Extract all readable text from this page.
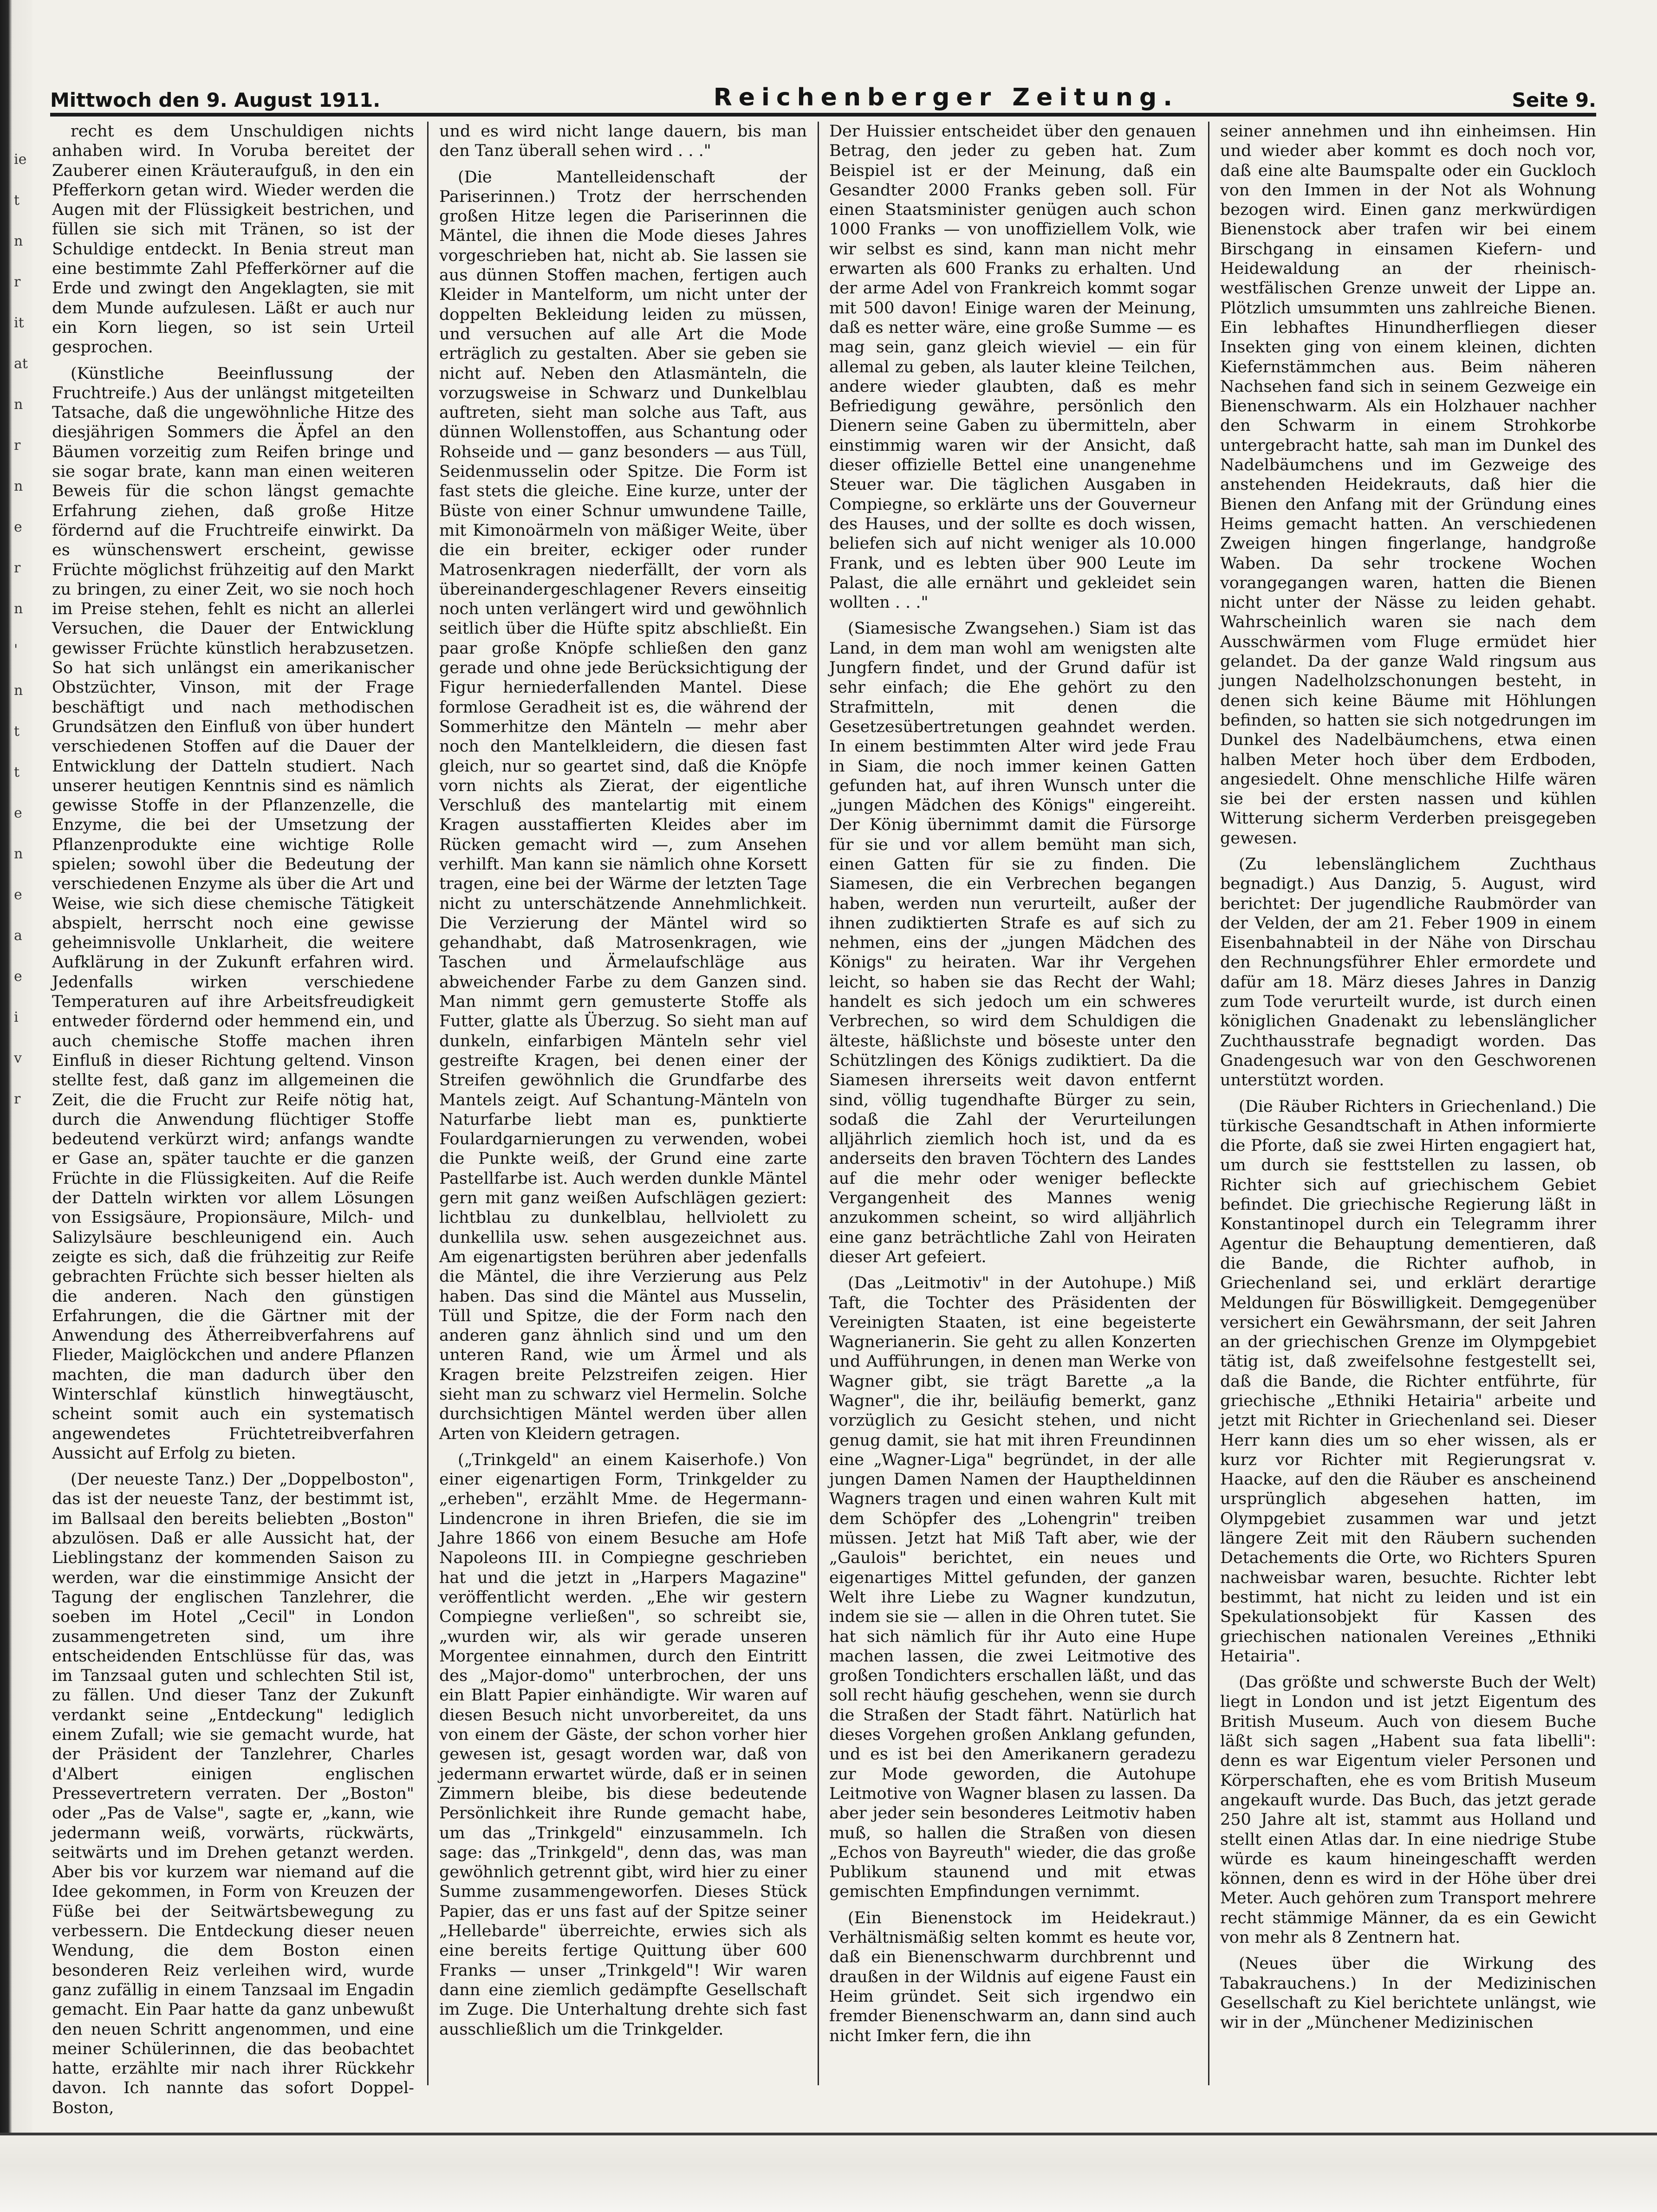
ie
t
n
r
it
at
n
r
n
e
r
n
'
n
t
t
e
n
e
a
e
i
v
r
Mittwoch den 9. August 1911.	Reichenberger Zeitung.	Seite 9.

recht es dem Unschuldigen nichts anhaben wird. In Voruba bereitet der Zauberer einen Kräuteraufguß, in den ein Pfefferkorn getan wird. Wieder werden die Augen mit der Flüssigkeit bestrichen, und füllen sie sich mit Tränen, so ist der Schuldige entdeckt. In Benia streut man eine bestimmte Zahl Pfefferkörner auf die Erde und zwingt den Angeklagten, sie mit dem Munde aufzulesen. Läßt er auch nur ein Korn liegen, so ist sein Urteil gesprochen.

(Künstliche Beeinflussung der Fruchtreife.) Aus der unlängst mitgeteilten Tatsache, daß die ungewöhnliche Hitze des diesjährigen Sommers die Äpfel an den Bäumen vorzeitig zum Reifen bringe und sie sogar brate, kann man einen weiteren Beweis für die schon längst gemachte Erfahrung ziehen, daß große Hitze fördernd auf die Fruchtreife einwirkt. Da es wünschenswert erscheint, gewisse Früchte möglichst frühzeitig auf den Markt zu bringen, zu einer Zeit, wo sie noch hoch im Preise stehen, fehlt es nicht an allerlei Versuchen, die Dauer der Entwicklung gewisser Früchte künstlich herabzusetzen. So hat sich unlängst ein amerikanischer Obstzüchter, Vinson, mit der Frage beschäftigt und nach methodischen Grundsätzen den Einfluß von über hundert verschiedenen Stoffen auf die Dauer der Entwicklung der Datteln studiert. Nach unserer heutigen Kenntnis sind es nämlich gewisse Stoffe in der Pflanzenzelle, die Enzyme, die bei der Umsetzung der Pflanzenprodukte eine wichtige Rolle spielen; sowohl über die Bedeutung der verschiedenen Enzyme als über die Art und Weise, wie sich diese chemische Tätigkeit abspielt, herrscht noch eine gewisse geheimnisvolle Unklarheit, die weitere Aufklärung in der Zukunft erfahren wird. Jedenfalls wirken verschiedene Temperaturen auf ihre Arbeitsfreudigkeit entweder fördernd oder hemmend ein, und auch chemische Stoffe machen ihren Einfluß in dieser Richtung geltend. Vinson stellte fest, daß ganz im allgemeinen die Zeit, die die Frucht zur Reife nötig hat, durch die Anwendung flüchtiger Stoffe bedeutend verkürzt wird; anfangs wandte er Gase an, später tauchte er die ganzen Früchte in die Flüssigkeiten. Auf die Reife der Datteln wirkten vor allem Lösungen von Essigsäure, Propionsäure, Milch- und Salizylsäure beschleunigend ein. Auch zeigte es sich, daß die frühzeitig zur Reife gebrachten Früchte sich besser hielten als die anderen. Nach den günstigen Erfahrungen, die die Gärtner mit der Anwendung des Ätherreibverfahrens auf Flieder, Maiglöckchen und andere Pflanzen machten, die man dadurch über den Winterschlaf künstlich hinwegtäuscht, scheint somit auch ein systematisch angewendetes Früchtetreibverfahren Aussicht auf Erfolg zu bieten.

(Der neueste Tanz.) Der „Doppelboston", das ist der neueste Tanz, der bestimmt ist, im Ballsaal den bereits beliebten „Boston" abzulösen. Daß er alle Aussicht hat, der Lieblingstanz der kommenden Saison zu werden, war die einstimmige Ansicht der Tagung der englischen Tanzlehrer, die soeben im Hotel „Cecil" in London zusammengetreten sind, um ihre entscheidenden Entschlüsse für das, was im Tanzsaal guten und schlechten Stil ist, zu fällen. Und dieser Tanz der Zukunft verdankt seine „Entdeckung" lediglich einem Zufall; wie sie gemacht wurde, hat der Präsident der Tanzlehrer, Charles d'Albert einigen englischen Pressevertretern verraten. Der „Boston" oder „Pas de Valse", sagte er, „kann, wie jedermann weiß, vorwärts, rückwärts, seitwärts und im Drehen getanzt werden. Aber bis vor kurzem war niemand auf die Idee gekommen, in Form von Kreuzen der Füße bei der Seitwärtsbewegung zu verbessern. Die Entdeckung dieser neuen Wendung, die dem Boston einen besonderen Reiz verleihen wird, wurde ganz zufällig in einem Tanzsaal im Engadin gemacht. Ein Paar hatte da ganz unbewußt den neuen Schritt angenommen, und eine meiner Schülerinnen, die das beobachtet hatte, erzählte mir nach ihrer Rückkehr davon. Ich nannte das sofort Doppel-Boston,

und es wird nicht lange dauern, bis man den Tanz überall sehen wird . . ."

(Die Mantelleidenschaft der Pariserinnen.) Trotz der herrschenden großen Hitze legen die Pariserinnen die Mäntel, die ihnen die Mode dieses Jahres vorgeschrieben hat, nicht ab. Sie lassen sie aus dünnen Stoffen machen, fertigen auch Kleider in Mantelform, um nicht unter der doppelten Bekleidung leiden zu müssen, und versuchen auf alle Art die Mode erträglich zu gestalten. Aber sie geben sie nicht auf. Neben den Atlasmänteln, die vorzugsweise in Schwarz und Dunkelblau auftreten, sieht man solche aus Taft, aus dünnen Wollenstoffen, aus Schantung oder Rohseide und — ganz besonders — aus Tüll, Seidenmusselin oder Spitze. Die Form ist fast stets die gleiche. Eine kurze, unter der Büste von einer Schnur umwundene Taille, mit Kimonoärmeln von mäßiger Weite, über die ein breiter, eckiger oder runder Matrosenkragen niederfällt, der vorn als übereinandergeschlagener Revers einseitig noch unten verlängert wird und gewöhnlich seitlich über die Hüfte spitz abschließt. Ein paar große Knöpfe schließen den ganz gerade und ohne jede Berücksichtigung der Figur herniederfallenden Mantel. Diese formlose Geradheit ist es, die während der Sommerhitze den Mänteln — mehr aber noch den Mantelkleidern, die diesen fast gleich, nur so geartet sind, daß die Knöpfe vorn nichts als Zierat, der eigentliche Verschluß des mantelartig mit einem Kragen ausstaffierten Kleides aber im Rücken gemacht wird —, zum Ansehen verhilft. Man kann sie nämlich ohne Korsett tragen, eine bei der Wärme der letzten Tage nicht zu unterschätzende Annehmlichkeit. Die Verzierung der Mäntel wird so gehandhabt, daß Matrosenkragen, wie Taschen und Ärmelaufschläge aus abweichender Farbe zu dem Ganzen sind. Man nimmt gern gemusterte Stoffe als Futter, glatte als Überzug. So sieht man auf dunkeln, einfarbigen Mänteln sehr viel gestreifte Kragen, bei denen einer der Streifen gewöhnlich die Grundfarbe des Mantels zeigt. Auf Schantung-Mänteln von Naturfarbe liebt man es, punktierte Foulardgarnierungen zu verwenden, wobei die Punkte weiß, der Grund eine zarte Pastellfarbe ist. Auch werden dunkle Mäntel gern mit ganz weißen Aufschlägen geziert: lichtblau zu dunkelblau, hellviolett zu dunkellila usw. sehen ausgezeichnet aus. Am eigenartigsten berühren aber jedenfalls die Mäntel, die ihre Verzierung aus Pelz haben. Das sind die Mäntel aus Musselin, Tüll und Spitze, die der Form nach den anderen ganz ähnlich sind und um den unteren Rand, wie um Ärmel und als Kragen breite Pelzstreifen zeigen. Hier sieht man zu schwarz viel Hermelin. Solche durchsichtigen Mäntel werden über allen Arten von Kleidern getragen.

(„Trinkgeld" an einem Kaiserhofe.) Von einer eigenartigen Form, Trinkgelder zu „erheben", erzählt Mme. de Hegermann-Lindencrone in ihren Briefen, die sie im Jahre 1866 von einem Besuche am Hofe Napoleons III. in Compiegne geschrieben hat und die jetzt in „Harpers Magazine" veröffentlicht werden. „Ehe wir gestern Compiegne verließen", so schreibt sie, „wurden wir, als wir gerade unseren Morgentee einnahmen, durch den Eintritt des „Major-domo" unterbrochen, der uns ein Blatt Papier einhändigte. Wir waren auf diesen Besuch nicht unvorbereitet, da uns von einem der Gäste, der schon vorher hier gewesen ist, gesagt worden war, daß von jedermann erwartet würde, daß er in seinen Zimmern bleibe, bis diese bedeutende Persönlichkeit ihre Runde gemacht habe, um das „Trinkgeld" einzusammeln. Ich sage: das „Trinkgeld", denn das, was man gewöhnlich getrennt gibt, wird hier zu einer Summe zusammengeworfen. Dieses Stück Papier, das er uns fast auf der Spitze seiner „Hellebarde" überreichte, erwies sich als eine bereits fertige Quittung über 600 Franks — unser „Trinkgeld"! Wir waren dann eine ziemlich gedämpfte Gesellschaft im Zuge. Die Unterhaltung drehte sich fast ausschließlich um die Trinkgelder.

Der Huissier entscheidet über den genauen Betrag, den jeder zu geben hat. Zum Beispiel ist er der Meinung, daß ein Gesandter 2000 Franks geben soll. Für einen Staatsminister genügen auch schon 1000 Franks — von unoffiziellem Volk, wie wir selbst es sind, kann man nicht mehr erwarten als 600 Franks zu erhalten. Und der arme Adel von Frankreich kommt sogar mit 500 davon! Einige waren der Meinung, daß es netter wäre, eine große Summe — es mag sein, ganz gleich wieviel — ein für allemal zu geben, als lauter kleine Teilchen, andere wieder glaubten, daß es mehr Befriedigung gewähre, persönlich den Dienern seine Gaben zu übermitteln, aber einstimmig waren wir der Ansicht, daß dieser offizielle Bettel eine unangenehme Steuer war. Die täglichen Ausgaben in Compiegne, so erklärte uns der Gouverneur des Hauses, und der sollte es doch wissen, beliefen sich auf nicht weniger als 10.000 Frank, und es lebten über 900 Leute im Palast, die alle ernährt und gekleidet sein wollten . . ."

(Siamesische Zwangsehen.) Siam ist das Land, in dem man wohl am wenigsten alte Jungfern findet, und der Grund dafür ist sehr einfach; die Ehe gehört zu den Strafmitteln, mit denen die Gesetzesübertretungen geahndet werden. In einem bestimmten Alter wird jede Frau in Siam, die noch immer keinen Gatten gefunden hat, auf ihren Wunsch unter die „jungen Mädchen des Königs" eingereiht. Der König übernimmt damit die Fürsorge für sie und vor allem bemüht man sich, einen Gatten für sie zu finden. Die Siamesen, die ein Verbrechen begangen haben, werden nun verurteilt, außer der ihnen zudiktierten Strafe es auf sich zu nehmen, eins der „jungen Mädchen des Königs" zu heiraten. War ihr Vergehen leicht, so haben sie das Recht der Wahl; handelt es sich jedoch um ein schweres Verbrechen, so wird dem Schuldigen die älteste, häßlichste und böseste unter den Schützlingen des Königs zudiktiert. Da die Siamesen ihrerseits weit davon entfernt sind, völlig tugendhafte Bürger zu sein, sodaß die Zahl der Verurteilungen alljährlich ziemlich hoch ist, und da es anderseits den braven Töchtern des Landes auf die mehr oder weniger befleckte Vergangenheit des Mannes wenig anzukommen scheint, so wird alljährlich eine ganz beträchtliche Zahl von Heiraten dieser Art gefeiert.

(Das „Leitmotiv" in der Autohupe.) Miß Taft, die Tochter des Präsidenten der Vereinigten Staaten, ist eine begeisterte Wagnerianerin. Sie geht zu allen Konzerten und Aufführungen, in denen man Werke von Wagner gibt, sie trägt Barette „a la Wagner", die ihr, beiläufig bemerkt, ganz vorzüglich zu Gesicht stehen, und nicht genug damit, sie hat mit ihren Freundinnen eine „Wagner-Liga" begründet, in der alle jungen Damen Namen der Hauptheldinnen Wagners tragen und einen wahren Kult mit dem Schöpfer des „Lohengrin" treiben müssen. Jetzt hat Miß Taft aber, wie der „Gaulois" berichtet, ein neues und eigenartiges Mittel gefunden, der ganzen Welt ihre Liebe zu Wagner kundzutun, indem sie sie — allen in die Ohren tutet. Sie hat sich nämlich für ihr Auto eine Hupe machen lassen, die zwei Leitmotive des großen Tondichters erschallen läßt, und das soll recht häufig geschehen, wenn sie durch die Straßen der Stadt fährt. Natürlich hat dieses Vorgehen großen Anklang gefunden, und es ist bei den Amerikanern geradezu zur Mode geworden, die Autohupe Leitmotive von Wagner blasen zu lassen. Da aber jeder sein besonderes Leitmotiv haben muß, so hallen die Straßen von diesen „Echos von Bayreuth" wieder, die das große Publikum staunend und mit etwas gemischten Empfindungen vernimmt.

(Ein Bienenstock im Heidekraut.) Verhältnismäßig selten kommt es heute vor, daß ein Bienenschwarm durchbrennt und draußen in der Wildnis auf eigene Faust ein Heim gründet. Seit sich irgendwo ein fremder Bienenschwarm an, dann sind auch nicht Imker fern, die ihn

seiner annehmen und ihn einheimsen. Hin und wieder aber kommt es doch noch vor, daß eine alte Baumspalte oder ein Guckloch von den Immen in der Not als Wohnung bezogen wird. Einen ganz merkwürdigen Bienenstock aber trafen wir bei einem Birschgang in einsamen Kiefern- und Heidewaldung an der rheinisch-westfälischen Grenze unweit der Lippe an. Plötzlich umsummten uns zahlreiche Bienen. Ein lebhaftes Hinundherfliegen dieser Insekten ging von einem kleinen, dichten Kiefernstämmchen aus. Beim näheren Nachsehen fand sich in seinem Gezweige ein Bienenschwarm. Als ein Holzhauer nachher den Schwarm in einem Strohkorbe untergebracht hatte, sah man im Dunkel des Nadelbäumchens und im Gezweige des anstehenden Heidekrauts, daß hier die Bienen den Anfang mit der Gründung eines Heims gemacht hatten. An verschiedenen Zweigen hingen fingerlange, handgroße Waben. Da sehr trockene Wochen vorangegangen waren, hatten die Bienen nicht unter der Nässe zu leiden gehabt. Wahrscheinlich waren sie nach dem Ausschwärmen vom Fluge ermüdet hier gelandet. Da der ganze Wald ringsum aus jungen Nadelholzschonungen besteht, in denen sich keine Bäume mit Höhlungen befinden, so hatten sie sich notgedrungen im Dunkel des Nadelbäumchens, etwa einen halben Meter hoch über dem Erdboden, angesiedelt. Ohne menschliche Hilfe wären sie bei der ersten nassen und kühlen Witterung sicherm Verderben preisgegeben gewesen.

(Zu lebenslänglichem Zuchthaus begnadigt.) Aus Danzig, 5. August, wird berichtet: Der jugendliche Raubmörder van der Velden, der am 21. Feber 1909 in einem Eisenbahnabteil in der Nähe von Dirschau den Rechnungsführer Ehler ermordete und dafür am 18. März dieses Jahres in Danzig zum Tode verurteilt wurde, ist durch einen königlichen Gnadenakt zu lebenslänglicher Zuchthausstrafe begnadigt worden. Das Gnadengesuch war von den Geschworenen unterstützt worden.

(Die Räuber Richters in Griechenland.) Die türkische Gesandtschaft in Athen informierte die Pforte, daß sie zwei Hirten engagiert hat, um durch sie festtstellen zu lassen, ob Richter sich auf griechischem Gebiet befindet. Die griechische Regierung läßt in Konstantinopel durch ein Telegramm ihrer Agentur die Behauptung dementieren, daß die Bande, die Richter aufhob, in Griechenland sei, und erklärt derartige Meldungen für Böswilligkeit. Demgegenüber versichert ein Gewährsmann, der seit Jahren an der griechischen Grenze im Olympgebiet tätig ist, daß zweifelsohne festgestellt sei, daß die Bande, die Richter entführte, für griechische „Ethniki Hetairia" arbeite und jetzt mit Richter in Griechenland sei. Dieser Herr kann dies um so eher wissen, als er kurz vor Richter mit Regierungsrat v. Haacke, auf den die Räuber es anscheinend ursprünglich abgesehen hatten, im Olympgebiet zusammen war und jetzt längere Zeit mit den Räubern suchenden Detachements die Orte, wo Richters Spuren nachweisbar waren, besuchte. Richter lebt bestimmt, hat nicht zu leiden und ist ein Spekulationsobjekt für Kassen des griechischen nationalen Vereines „Ethniki Hetairia".

(Das größte und schwerste Buch der Welt) liegt in London und ist jetzt Eigentum des British Museum. Auch von diesem Buche läßt sich sagen „Habent sua fata libelli": denn es war Eigentum vieler Personen und Körperschaften, ehe es vom British Museum angekauft wurde. Das Buch, das jetzt gerade 250 Jahre alt ist, stammt aus Holland und stellt einen Atlas dar. In eine niedrige Stube würde es kaum hineingeschafft werden können, denn es wird in der Höhe über drei Meter. Auch gehören zum Transport mehrere recht stämmige Männer, da es ein Gewicht von mehr als 8 Zentnern hat.

(Neues über die Wirkung des Tabakrauchens.) In der Medizinischen Gesellschaft zu Kiel berichtete unlängst, wie wir in der „Münchener Medizinischen
